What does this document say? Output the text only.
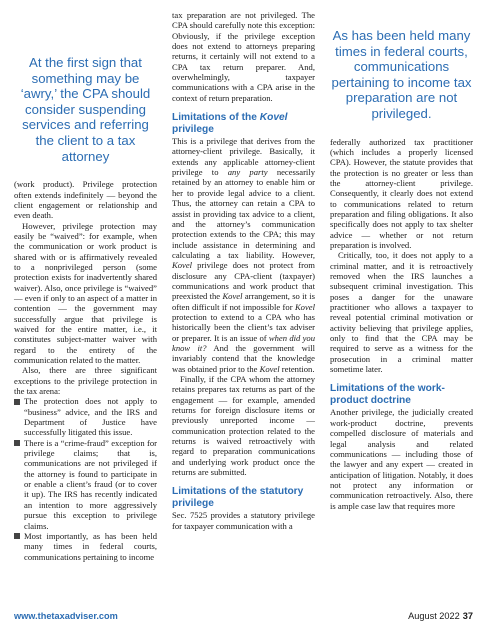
At the first sign that something may be ‘awry,’ the CPA should consider suspending services and referring the client to a tax attorney

(work product). Privilege protection often extends indefinitely — beyond the client engagement or relationship and even death.

However, privilege protection may easily be “waived”: for example, when the communication or work product is shared with or is affirmatively revealed to a nonprivileged person (some protection exists for inadvertently shared waiver). Also, once privilege is “waived” — even if only to an aspect of a matter in contention — the government may successfully argue that privilege is waived for the entire matter, i.e., it constitutes subject-matter waiver with regard to the entirety of the communication related to the matter.

Also, there are three significant exceptions to the privilege protection in the tax arena:

The protection does not apply to “business” advice, and the IRS and Department of Justice have successfully litigated this issue.
There is a “crime-fraud” exception for privilege claims; that is, communications are not privileged if the attorney is found to participate in or enable a client’s fraud (or to cover it up). The IRS has recently indicated an intention to more aggressively pursue this exception to privilege claims.
Most importantly, as has been held many times in federal courts, communications pertaining to income

tax preparation are not privileged. The CPA should carefully note this exception: Obviously, if the privilege exception does not extend to attorneys preparing returns, it certainly will not extend to a CPA tax return preparer. And, overwhelmingly, taxpayer communications with a CPA arise in the context of return preparation.

Limitations of the Kovel privilege

This is a privilege that derives from the attorney-client privilege. Basically, it extends any applicable attorney-client privilege to any party necessarily retained by an attorney to enable him or her to provide legal advice to a client. Thus, the attorney can retain a CPA to assist in providing tax advice to a client, and the attorney’s communication protection extends to the CPA; this may include assistance in determining and calculating a tax liability. However, Kovel privilege does not protect from disclosure any CPA-client (taxpayer) communications and work product that preexisted the Kovel arrangement, so it is often difficult if not impossible for Kovel protection to extend to a CPA who has historically been the client’s tax adviser or preparer. It is an issue of when did you know it? And the government will invariably contend that the knowledge was obtained prior to the Kovel retention.

Finally, if the CPA whom the attorney retains prepares tax returns as part of the engagement — for example, amended returns for foreign disclosure items or previously unreported income — communication protection related to the returns is waived retroactively with regard to preparation communications and underlying work product once the returns are submitted.

Limitations of the statutory privilege

Sec. 7525 provides a statutory privilege for taxpayer communication with a

As has been held many times in federal courts, communications pertaining to income tax preparation are not privileged.

federally authorized tax practitioner (which includes a properly licensed CPA). However, the statute provides that the protection is no greater or less than the attorney-client privilege. Consequently, it clearly does not extend to communications related to return preparation and filing obligations. It also specifically does not apply to tax shelter advice — whether or not return preparation is involved.

Critically, too, it does not apply to a criminal matter, and it is retroactively removed when the IRS launches a subsequent criminal investigation. This poses a danger for the unaware practitioner who allows a taxpayer to reveal potential criminal motivation or activity believing that privilege applies, only to find that the CPA may be required to serve as a witness for the prosecution in a criminal matter sometime later.

Limitations of the work-product doctrine

Another privilege, the judicially created work-product doctrine, prevents compelled disclosure of materials and legal analysis and related communications — including those of the lawyer and any expert — created in anticipation of litigation. Notably, it does not protect any information or communication retroactively. Also, there is ample case law that requires more

www.thetaxadviser.com	August 2022 37
